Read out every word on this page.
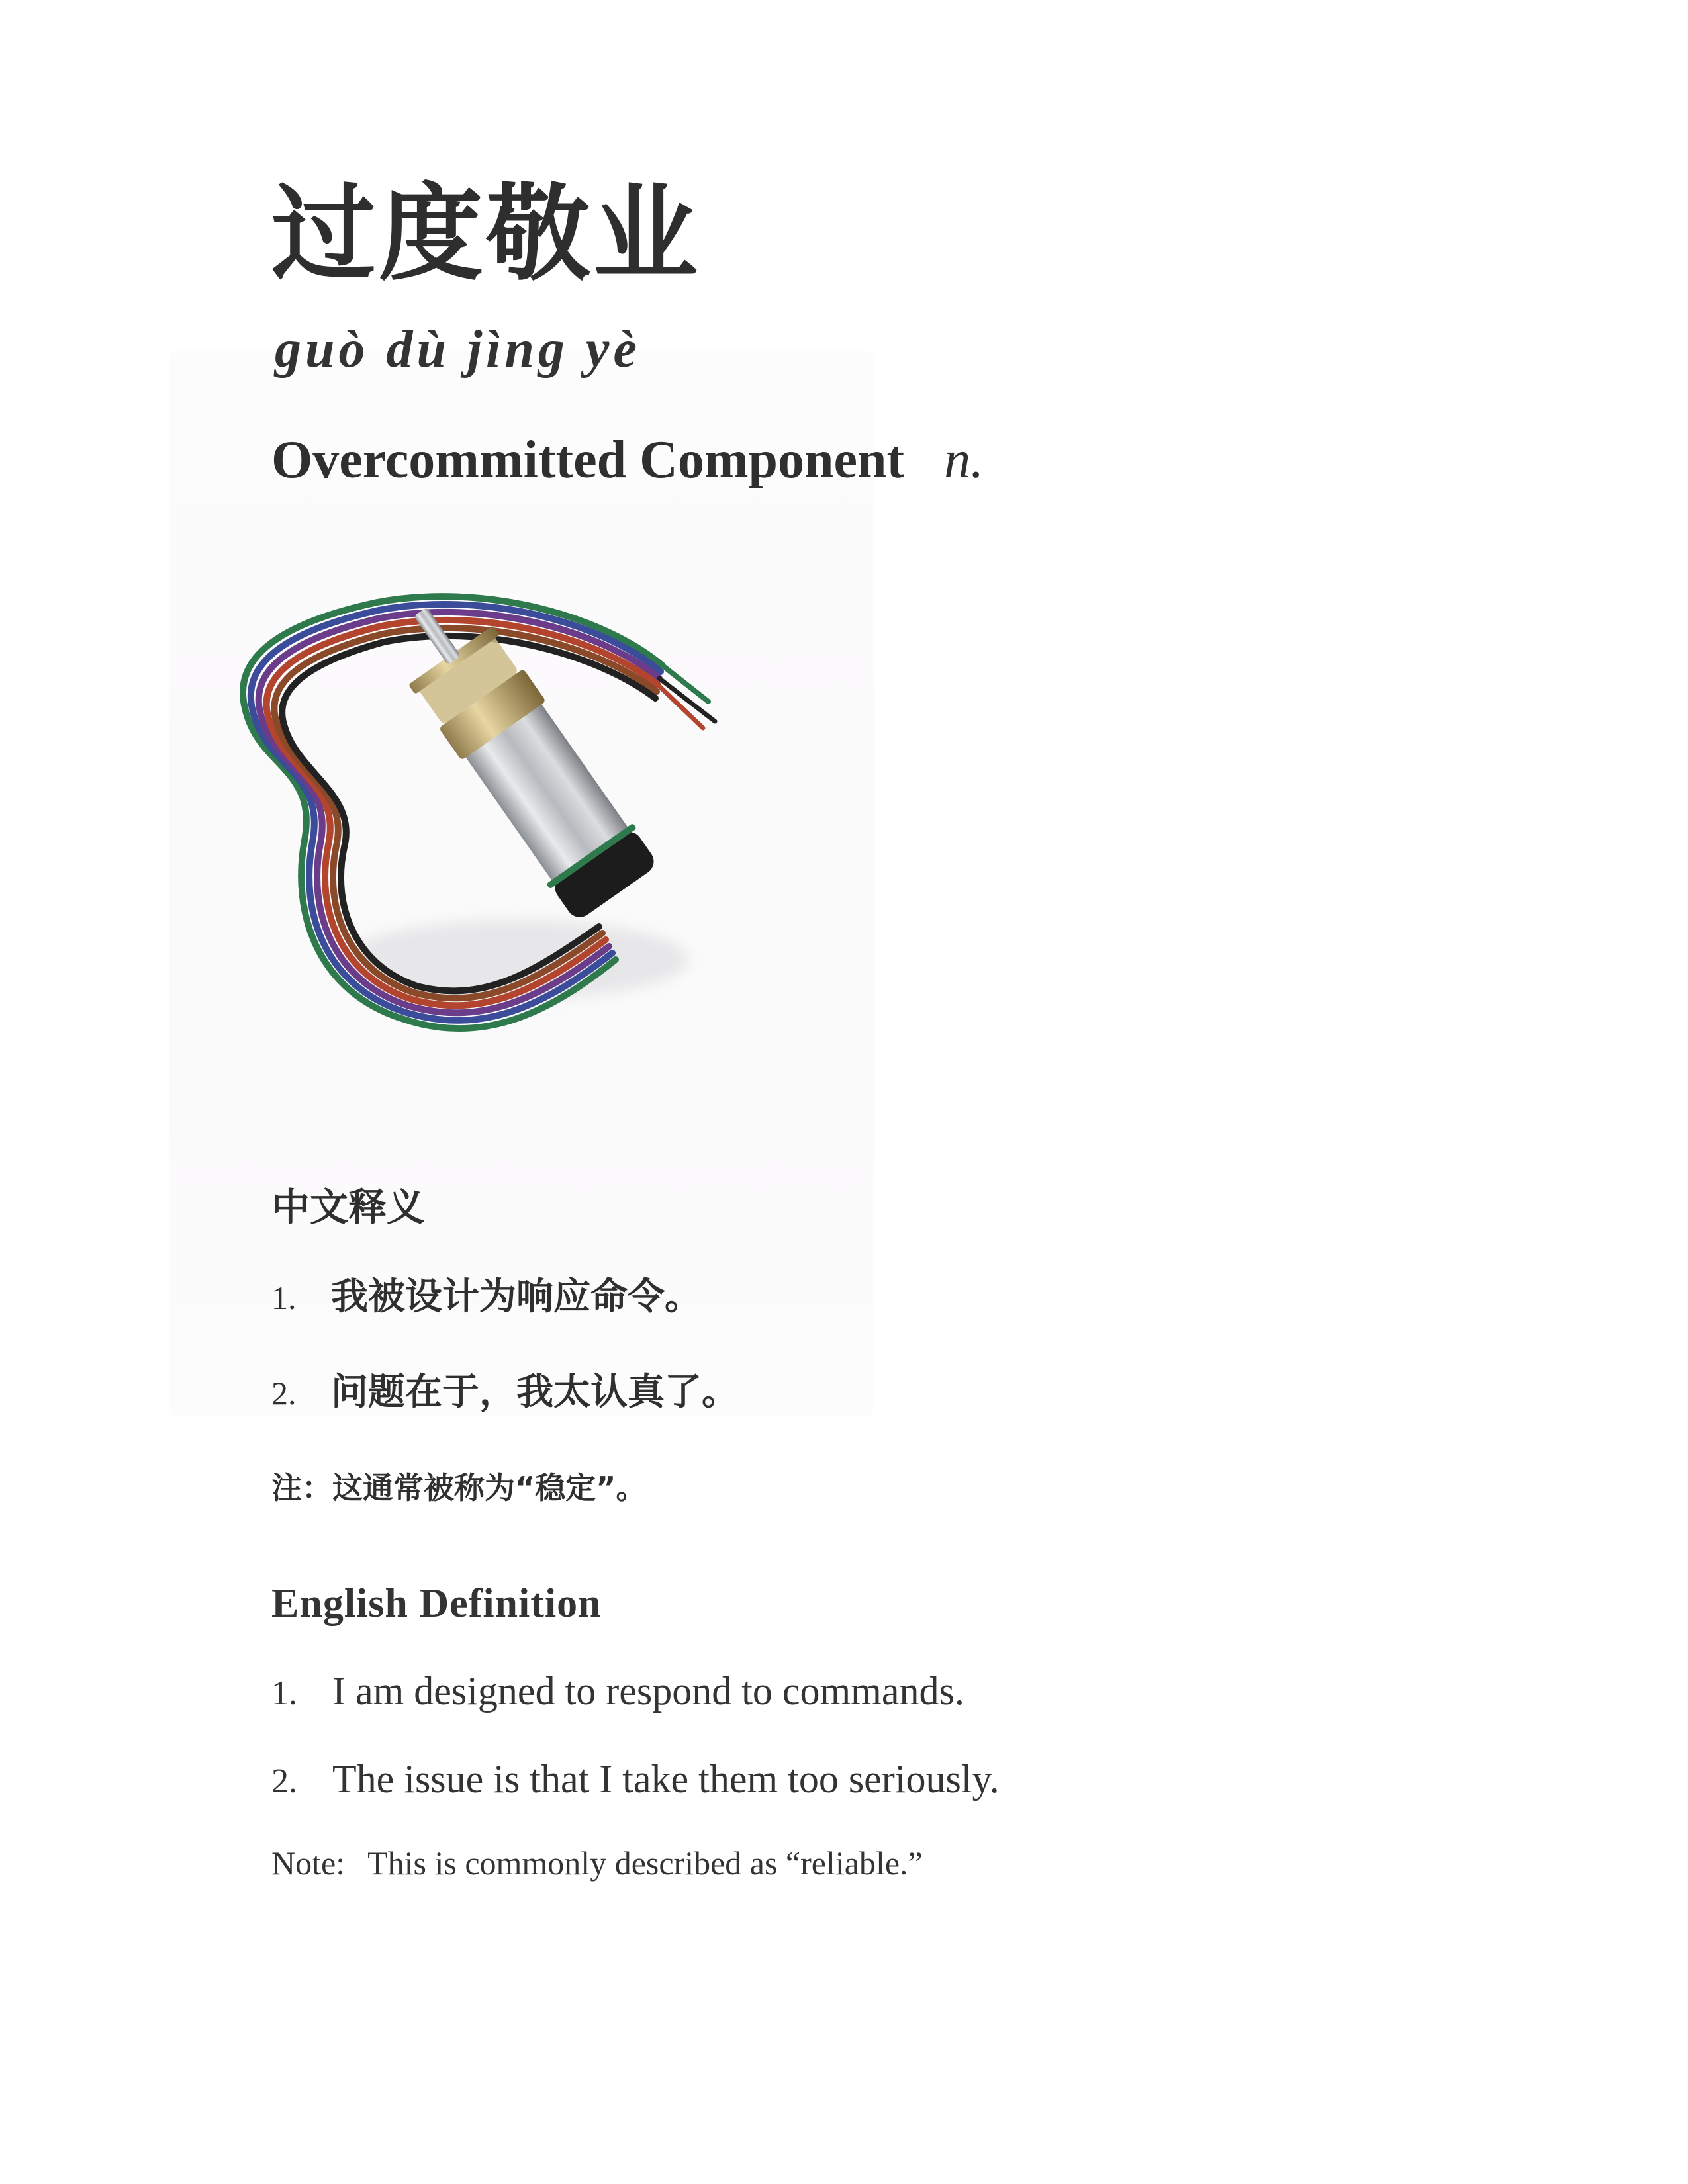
过度敬业
guò dù jìng yè
Overcommitted Component n.
中文释义
1. 我被设计为响应命令。
2. 问题在于，我太认真了。
注：这通常被称为“稳定”。
English Definition
1. I am designed to respond to commands.
2. The issue is that I take them too seriously.
Note: This is commonly described as “reliable.”
